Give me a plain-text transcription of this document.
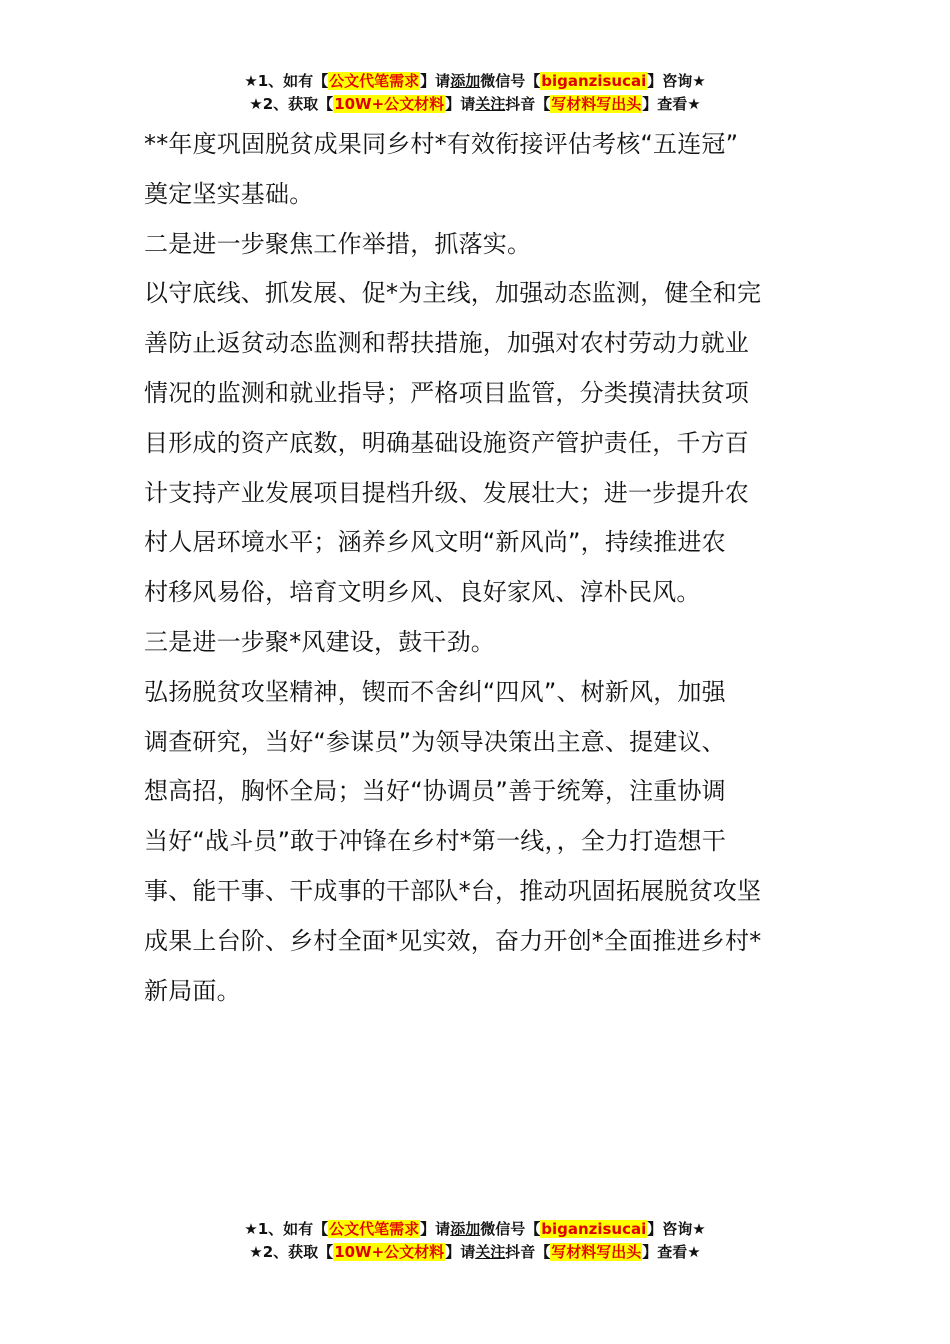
★1、如有【公文代笔需求】请添加微信号【biganzisucai】咨询★
★2、获取【10W+公文材料】请关注抖音【写材料写出头】查看★
**年度巩固脱贫成果同乡村*有效衔接评估考核“五连冠”
奠定坚实基础。
二是进一步聚焦工作举措，抓落实。
以守底线、抓发展、促*为主线，加强动态监测，健全和完
善防止返贫动态监测和帮扶措施，加强对农村劳动力就业
情况的监测和就业指导；严格项目监管，分类摸清扶贫项
目形成的资产底数，明确基础设施资产管护责任，千方百
计支持产业发展项目提档升级、发展壮大；进一步提升农
村人居环境水平；涵养乡风文明“新风尚”，持续推进农
村移风易俗，培育文明乡风、良好家风、淳朴民风。
三是进一步聚*风建设，鼓干劲。
弘扬脱贫攻坚精神，锲而不舍纠“四风”、树新风，加强
调查研究，当好“参谋员”为领导决策出主意、提建议、
想高招，胸怀全局；当好“协调员”善于统筹，注重协调
当好“战斗员”敢于冲锋在乡村*第一线，，全力打造想干
事、能干事、干成事的干部队*台，推动巩固拓展脱贫攻坚
成果上台阶、乡村全面*见实效，奋力开创*全面推进乡村*
新局面。
★1、如有【公文代笔需求】请添加微信号【biganzisucai】咨询★
★2、获取【10W+公文材料】请关注抖音【写材料写出头】查看★
